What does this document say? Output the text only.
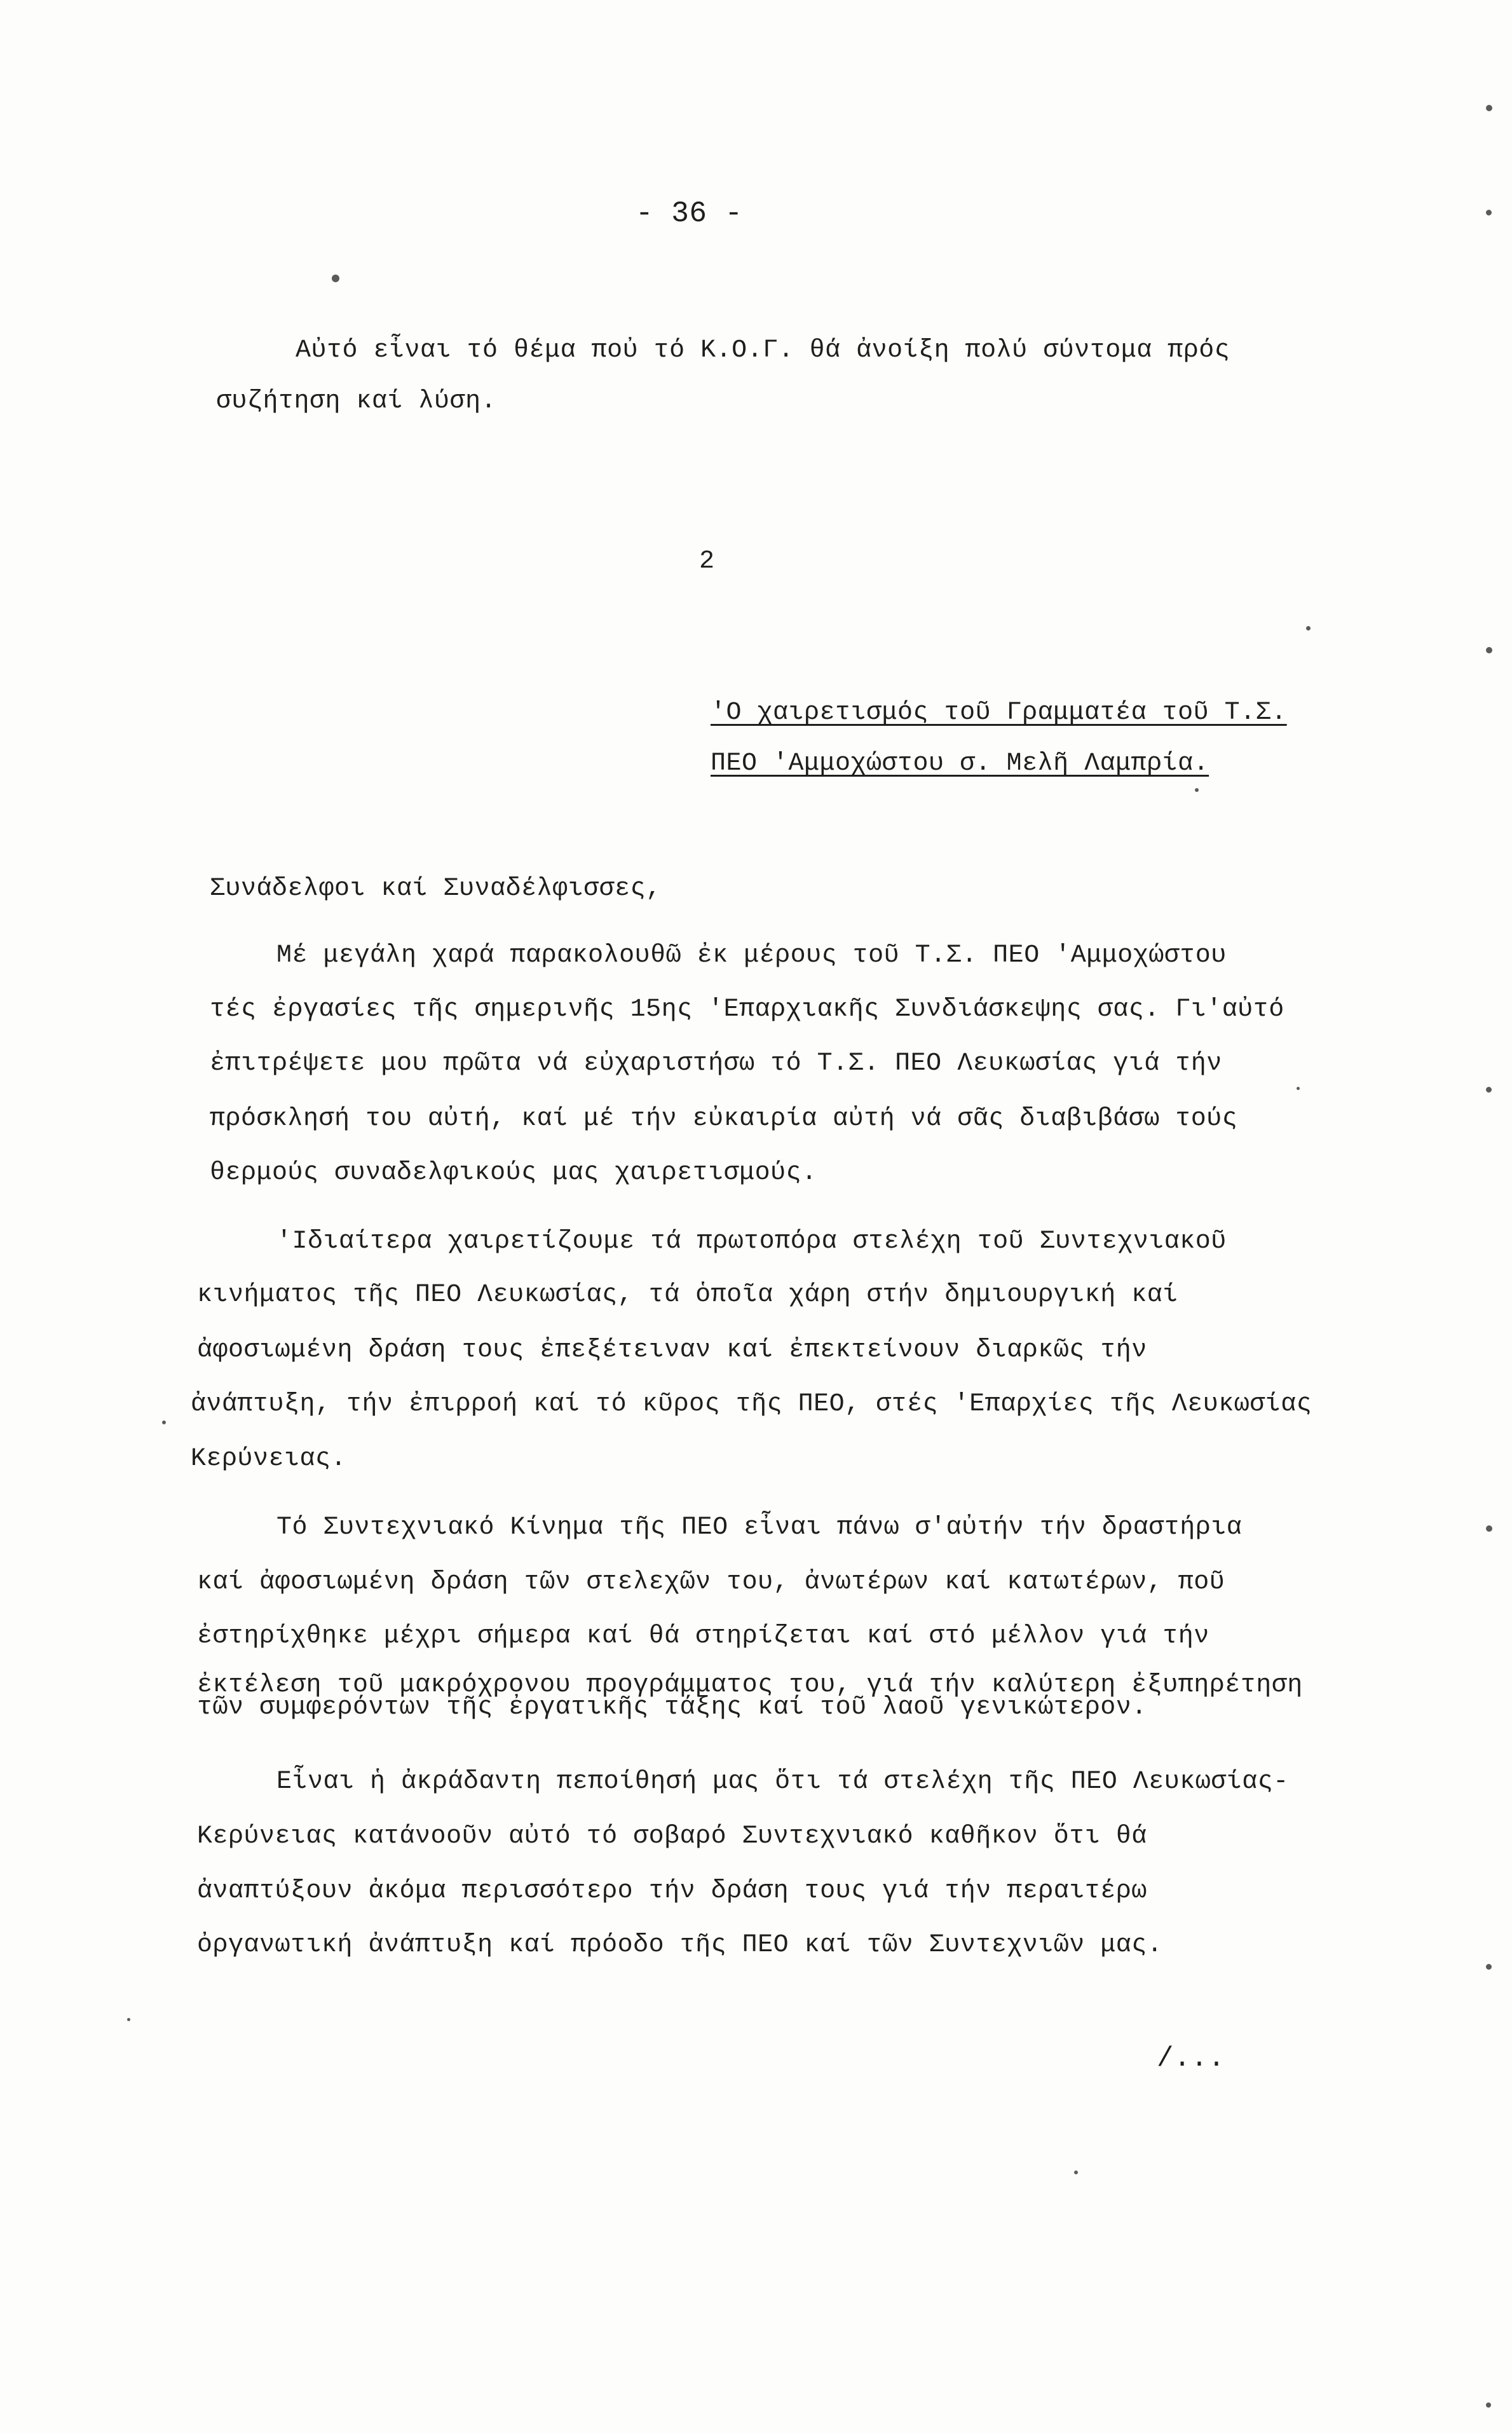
- 36 -
Αὐτό εἶναι τό θέμα ποὐ τό Κ.Ο.Γ. θά ἀνοίξη πολύ σύντομα πρός
συζήτηση καί λύση.
2
'Ο χαιρετισμός τοῦ Γραμματέα τοῦ Τ.Σ.
ΠΕΟ 'Αμμοχώστου σ. Μελῆ Λαμπρία.
Συνάδελφοι καί Συναδέλφισσες,
Μέ μεγάλη χαρά παρακολουθῶ ἐκ μέρους τοῦ Τ.Σ. ΠΕΟ 'Αμμοχώστου
τές ἐργασίες τῆς σημερινῆς 15ης 'Επαρχιακῆς Συνδιάσκεψης σας. Γι'αὐτό
ἐπιτρέψετε μου πρῶτα νά εὐχαριστήσω τό Τ.Σ. ΠΕΟ Λευκωσίας γιά τήν
πρόσκλησή του αὐτή, καί μέ τήν εὐκαιρία αὐτή νά σᾶς διαβιβάσω τούς
θερμούς συναδελφικούς μας χαιρετισμούς.
'Ιδιαίτερα χαιρετίζουμε τά πρωτοπόρα στελέχη τοῦ Συντεχνιακοῦ
κινήματος τῆς ΠΕΟ Λευκωσίας, τά ὁποῖα χάρη στήν δημιουργική καί
ἀφοσιωμένη δράση τους ἐπεξέτειναν καί ἐπεκτείνουν διαρκῶς τήν
ἀνάπτυξη, τήν ἐπιρροή καί τό κῦρος τῆς ΠΕΟ, στές 'Επαρχίες τῆς Λευκωσίας
Κερύνειας.
Τό Συντεχνιακό Κίνημα τῆς ΠΕΟ εἶναι πάνω σ'αὐτήν τήν δραστήρια
καί ἀφοσιωμένη δράση τῶν στελεχῶν του, ἀνωτέρων καί κατωτέρων, ποῦ
ἐστηρίχθηκε μέχρι σήμερα καί θά στηρίζεται καί στό μέλλον γιά τήν
ἐκτέλεση τοῦ μακρόχρονου προγράμματος του, γιά τήν καλύτερη ἐξυπηρέτηση
τῶν συμφερόντων τῆς ἐργατικῆς τάξης καί τοῦ λαοῦ γενικώτερον.
Εἶναι ἡ ἀκράδαντη πεποίθησή μας ὅτι τά στελέχη τῆς ΠΕΟ Λευκωσίας-
Κερύνειας κατάνοοῦν αὐτό τό σοβαρό Συντεχνιακό καθῆκον ὅτι θά
ἀναπτύξουν ἀκόμα περισσότερο τήν δράση τους γιά τήν περαιτέρω
ὀργανωτική ἀνάπτυξη καί πρόοδο τῆς ΠΕΟ καί τῶν Συντεχνιῶν μας.
/...
